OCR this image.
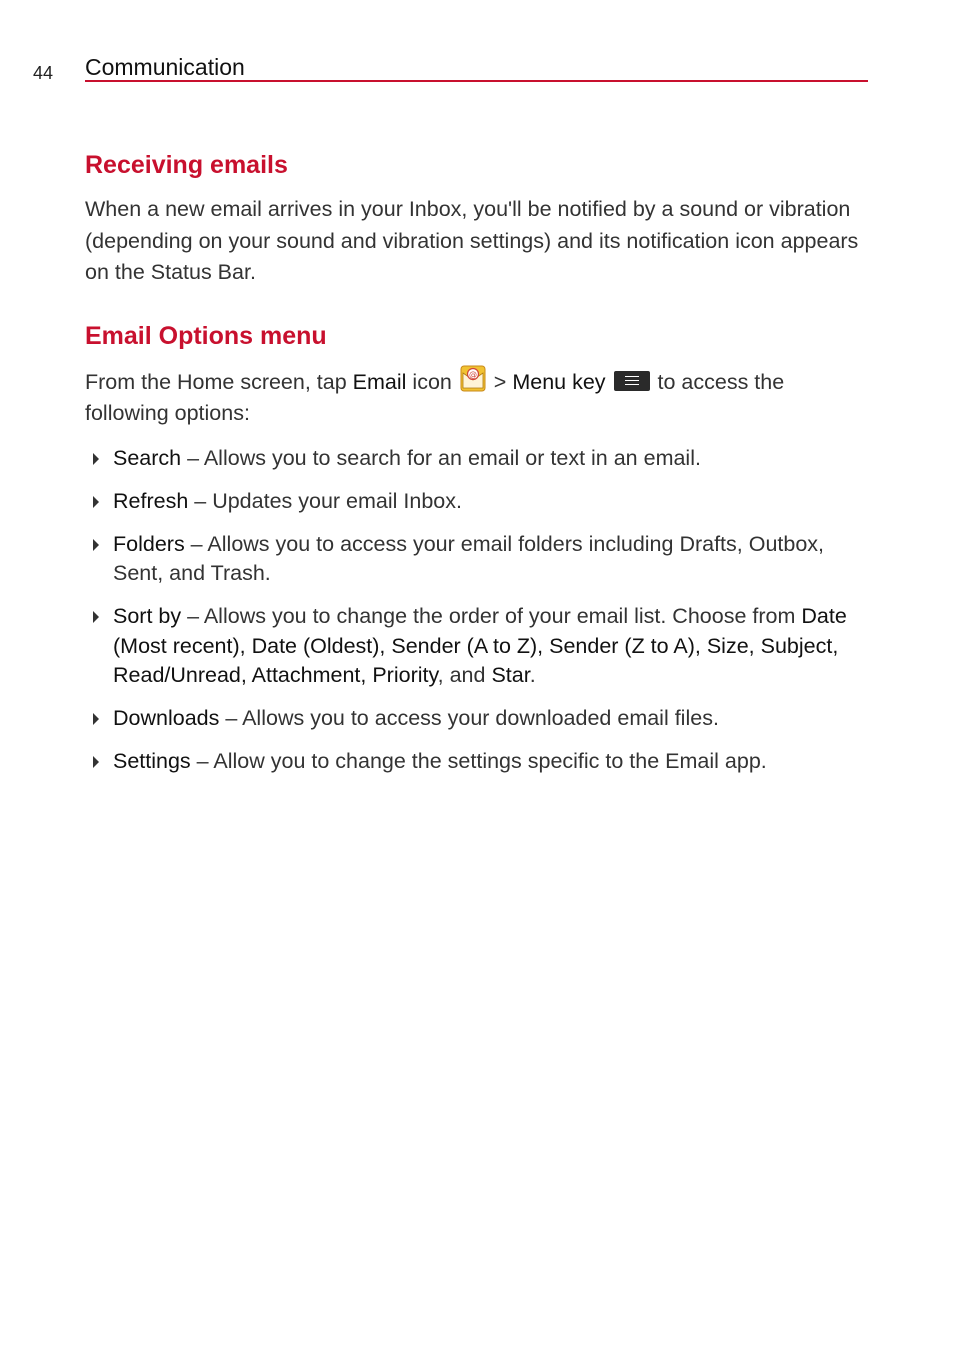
44 Communication
Receiving emails

When a new email arrives in your Inbox, you'll be notified by a sound or vibration (depending on your sound and vibration settings) and its notification icon appears on the Status Bar.

Email Options menu

From the Home screen, tap Email icon @ > Menu key
to access the following options:

Search – Allows you to search for an email or text in an email.
Refresh – Updates your email Inbox.
Folders – Allows you to access your email folders including Drafts, Outbox, Sent, and Trash.
Sort by – Allows you to change the order of your email list. Choose from Date (Most recent), Date (Oldest), Sender (A to Z), Sender (Z to A), Size, Subject, Read/Unread, Attachment, Priority, and Star.
Downloads – Allows you to access your downloaded email files.
Settings – Allow you to change the settings specific to the Email app.
